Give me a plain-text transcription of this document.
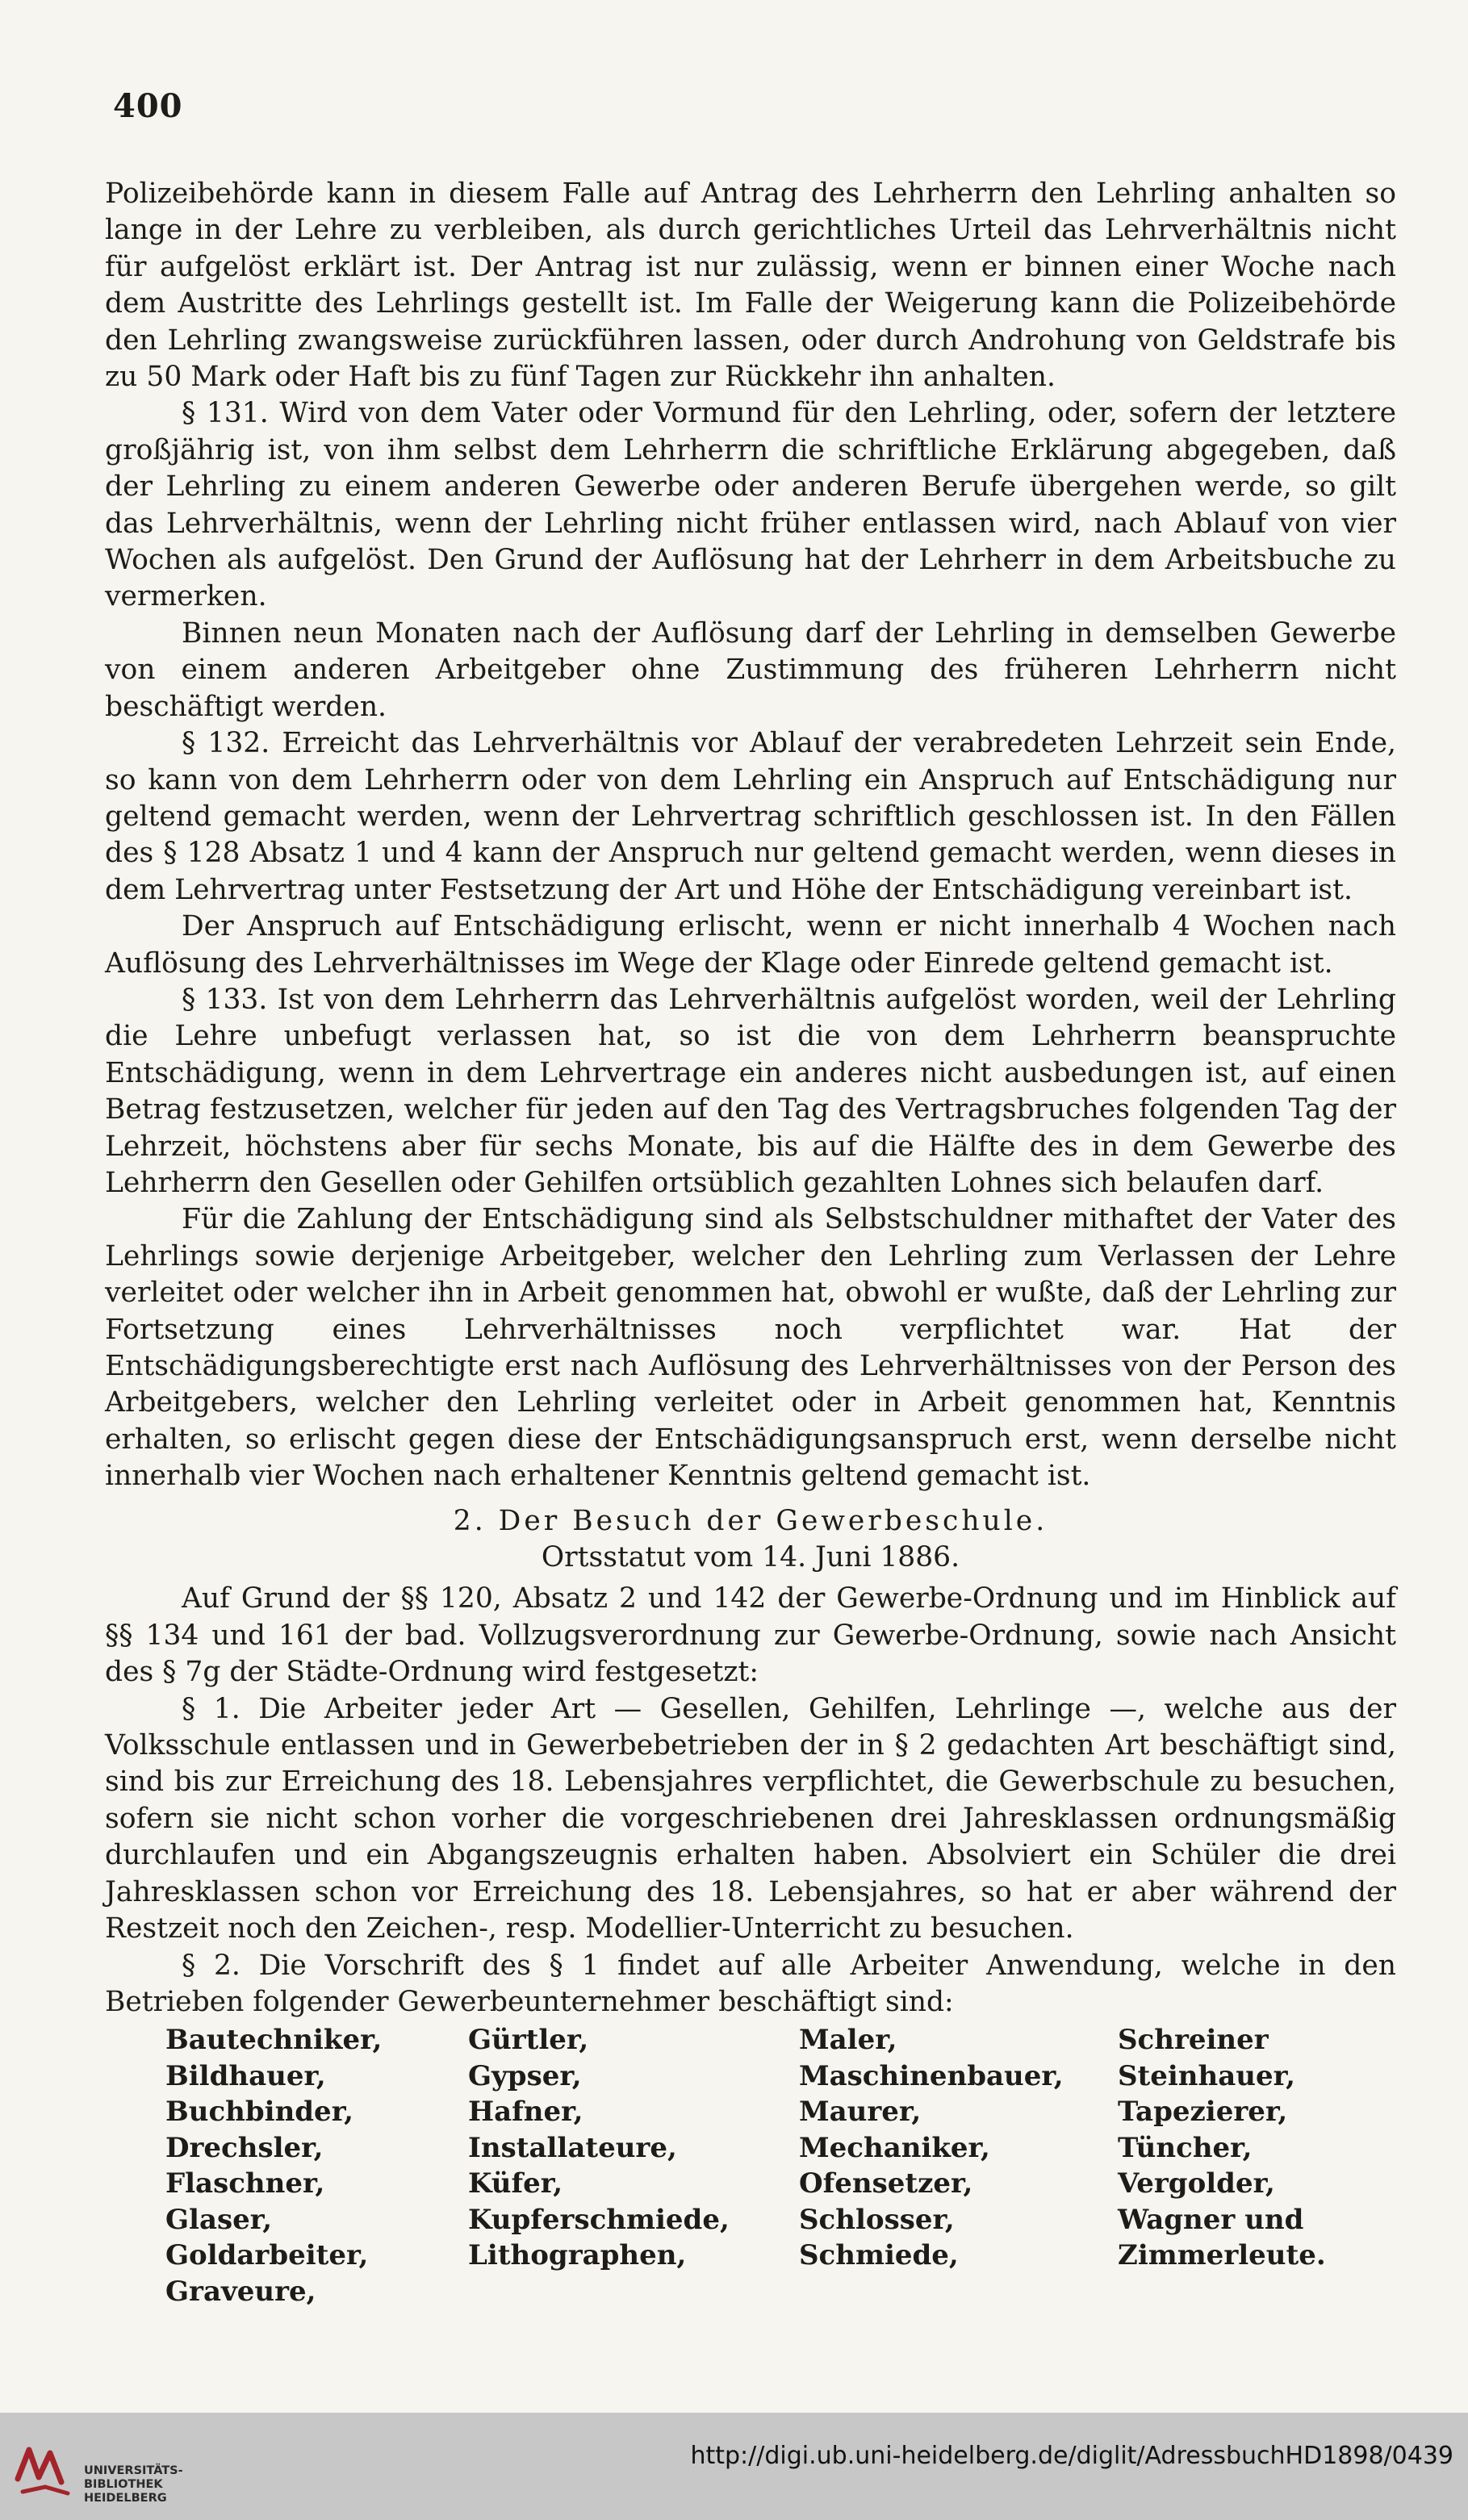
400

Polizeibehörde kann in diesem Falle auf Antrag des Lehrherrn den Lehrling anhalten so lange in der Lehre zu verbleiben, als durch gerichtliches Urteil das Lehrverhältnis nicht für aufgelöst erklärt ist. Der Antrag ist nur zulässig, wenn er binnen einer Woche nach dem Austritte des Lehrlings gestellt ist. Im Falle der Weigerung kann die Polizeibehörde den Lehrling zwangsweise zurückführen lassen, oder durch Androhung von Geldstrafe bis zu 50 Mark oder Haft bis zu fünf Tagen zur Rückkehr ihn anhalten.

§ 131. Wird von dem Vater oder Vormund für den Lehrling, oder, sofern der letztere großjährig ist, von ihm selbst dem Lehrherrn die schriftliche Erklärung abgegeben, daß der Lehrling zu einem anderen Gewerbe oder anderen Berufe übergehen werde, so gilt das Lehrverhältnis, wenn der Lehrling nicht früher entlassen wird, nach Ablauf von vier Wochen als aufgelöst. Den Grund der Auflösung hat der Lehrherr in dem Arbeitsbuche zu vermerken.

Binnen neun Monaten nach der Auflösung darf der Lehrling in demselben Gewerbe von einem anderen Arbeitgeber ohne Zustimmung des früheren Lehrherrn nicht beschäftigt werden.

§ 132. Erreicht das Lehrverhältnis vor Ablauf der verabredeten Lehrzeit sein Ende, so kann von dem Lehrherrn oder von dem Lehrling ein Anspruch auf Entschädigung nur geltend gemacht werden, wenn der Lehrvertrag schriftlich geschlossen ist. In den Fällen des § 128 Absatz 1 und 4 kann der Anspruch nur geltend gemacht werden, wenn dieses in dem Lehrvertrag unter Festsetzung der Art und Höhe der Entschädigung vereinbart ist.

Der Anspruch auf Entschädigung erlischt, wenn er nicht innerhalb 4 Wochen nach Auflösung des Lehrverhältnisses im Wege der Klage oder Einrede geltend gemacht ist.

§ 133. Ist von dem Lehrherrn das Lehrverhältnis aufgelöst worden, weil der Lehrling die Lehre unbefugt verlassen hat, so ist die von dem Lehrherrn beanspruchte Entschädigung, wenn in dem Lehrvertrage ein anderes nicht ausbedungen ist, auf einen Betrag festzusetzen, welcher für jeden auf den Tag des Vertragsbruches folgenden Tag der Lehrzeit, höchstens aber für sechs Monate, bis auf die Hälfte des in dem Gewerbe des Lehrherrn den Gesellen oder Gehilfen ortsüblich gezahlten Lohnes sich belaufen darf.

Für die Zahlung der Entschädigung sind als Selbstschuldner mithaftet der Vater des Lehrlings sowie derjenige Arbeitgeber, welcher den Lehrling zum Verlassen der Lehre verleitet oder welcher ihn in Arbeit genommen hat, obwohl er wußte, daß der Lehrling zur Fortsetzung eines Lehrverhältnisses noch verpflichtet war. Hat der Entschädigungsberechtigte erst nach Auflösung des Lehrverhältnisses von der Person des Arbeitgebers, welcher den Lehrling verleitet oder in Arbeit genommen hat, Kenntnis erhalten, so erlischt gegen diese der Entschädigungsanspruch erst, wenn derselbe nicht innerhalb vier Wochen nach erhaltener Kenntnis geltend gemacht ist.

2. Der Besuch der Gewerbeschule.

Ortsstatut vom 14. Juni 1886.

Auf Grund der §§ 120, Absatz 2 und 142 der Gewerbe-Ordnung und im Hinblick auf §§ 134 und 161 der bad. Vollzugsverordnung zur Gewerbe-Ordnung, sowie nach Ansicht des § 7g der Städte-Ordnung wird festgesetzt:

§ 1. Die Arbeiter jeder Art — Gesellen, Gehilfen, Lehrlinge —, welche aus der Volksschule entlassen und in Gewerbebetrieben der in § 2 gedachten Art beschäftigt sind, sind bis zur Erreichung des 18. Lebensjahres verpflichtet, die Gewerbschule zu besuchen, sofern sie nicht schon vorher die vorgeschriebenen drei Jahresklassen ordnungsmäßig durchlaufen und ein Abgangszeugnis erhalten haben. Absolviert ein Schüler die drei Jahresklassen schon vor Erreichung des 18. Lebensjahres, so hat er aber während der Restzeit noch den Zeichen-, resp. Modellier-Unterricht zu besuchen.

§ 2. Die Vorschrift des § 1 findet auf alle Arbeiter Anwendung, welche in den Betrieben folgender Gewerbeunternehmer beschäftigt sind:

Bautechniker,	Gürtler,	Maler,	Schreiner
Bildhauer,	Gypser,	Maschinenbauer,	Steinhauer,
Buchbinder,	Hafner,	Maurer,	Tapezierer,
Drechsler,	Installateure,	Mechaniker,	Tüncher,
Flaschner,	Küfer,	Ofensetzer,	Vergolder,
Glaser,	Kupferschmiede,	Schlosser,	Wagner und
Goldarbeiter,	Lithographen,	Schmiede,	Zimmerleute.
Graveure,
UNIVERSITÄTS-
BIBLIOTHEK
HEIDELBERG
http://digi.ub.uni-heidelberg.de/diglit/AdressbuchHD1898/0439
